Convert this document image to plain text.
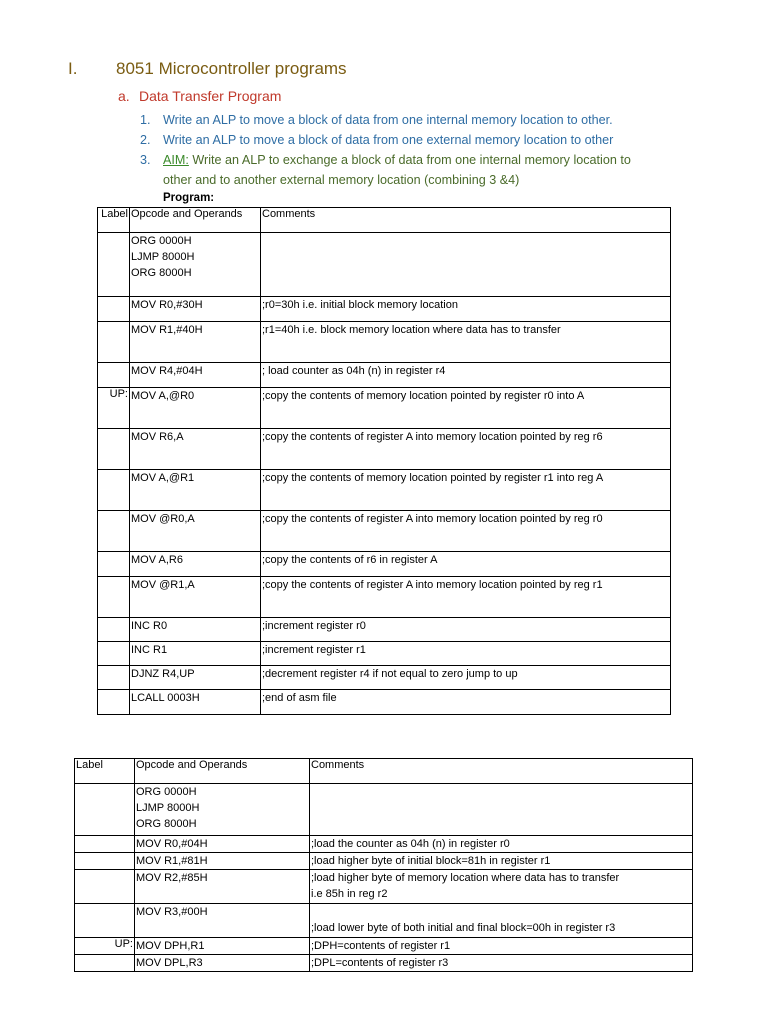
I. 8051 Microcontroller programs
a. Data Transfer Program
1. Write an ALP to move a block of data from one internal memory location to other.
2. Write an ALP to move a block of data from one external memory location to other
3. AIM: Write an ALP to exchange a block of data from one internal memory location to
other and to another external memory location (combining 3 &4)
Program:
Label	Opcode and Operands	Comments

	ORG 0000H
LJMP 8000H
ORG 8000H	

	MOV R0,#30H	;r0=30h i.e. initial block memory location

	MOV R1,#40H	;r1=40h i.e. block memory location where data has to transfer

	MOV R4,#04H	; load counter as 04h (n) in register r4

UP:	MOV A,@R0	;copy the contents of memory location pointed by register r0 into A

	MOV R6,A	;copy the contents of register A into memory location pointed by reg r6

	MOV A,@R1	;copy the contents of memory location pointed by register r1 into reg A

	MOV @R0,A	;copy the contents of register A into memory location pointed by reg r0

	MOV A,R6	;copy the contents of r6 in register A

	MOV @R1,A	;copy the contents of register A into memory location pointed by reg r1

	INC R0	;increment register r0

	INC R1	;increment register r1

	DJNZ R4,UP	;decrement register r4 if not equal to zero jump to up

	LCALL 0003H	;end of asm file
Label	Opcode and Operands	Comments

	ORG 0000H
LJMP 8000H
ORG 8000H	

	MOV R0,#04H	;load the counter as 04h (n) in register r0

	MOV R1,#81H	;load higher byte of initial block=81h in register r1

	MOV R2,#85H	;load higher byte of memory location where data has to transfer
i.e 85h in reg r2

	MOV R3,#00H	;load lower byte of both initial and final block=00h in register r3

UP:	MOV DPH,R1	;DPH=contents of register r1

	MOV DPL,R3	;DPL=contents of register r3
